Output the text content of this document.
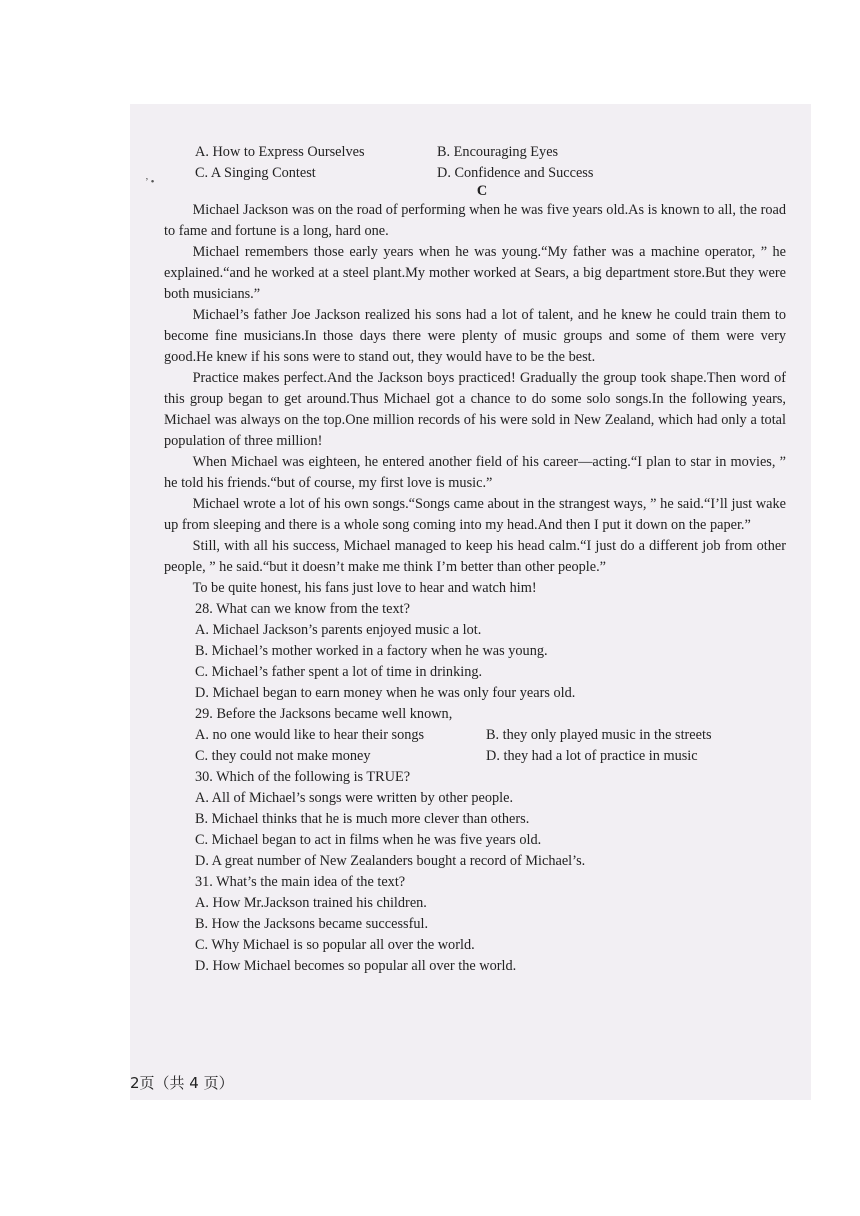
’ •
A. How to Express Ourselves	B. Encouraging Eyes
C. A Singing Contest	D. Confidence and Success
C

Michael Jackson was on the road of performing when he was five years old.As is known to all, the road to fame and fortune is a long, hard one.

Michael remembers those early years when he was young.“My father was a machine operator, ” he explained.“and he worked at a steel plant.My mother worked at Sears, a big department store.But they were both musicians.”

Michael’s father Joe Jackson realized his sons had a lot of talent, and he knew he could train them to become fine musicians.In those days there were plenty of music groups and some of them were very good.He knew if his sons were to stand out, they would have to be the best.

Practice makes perfect.And the Jackson boys practiced! Gradually the group took shape.Then word of this group began to get around.Thus Michael got a chance to do some solo songs.In the following years, Michael was always on the top.One million records of his were sold in New Zealand, which had only a total population of three million!

When Michael was eighteen, he entered another field of his career—acting.“I plan to star in movies, ” he told his friends.“but of course, my first love is music.”

Michael wrote a lot of his own songs.“Songs came about in the strangest ways, ” he said.“I’ll just wake up from sleeping and there is a whole song coming into my head.And then I put it down on the paper.”

Still, with all his success, Michael managed to keep his head calm.“I just do a different job from other people, ” he said.“but it doesn’t make me think I’m better than other people.”

To be quite honest, his fans just love to hear and watch him!

28. What can we know from the text?
A. Michael Jackson’s parents enjoyed music a lot.
B. Michael’s mother worked in a factory when he was young.
C. Michael’s father spent a lot of time in drinking.
D. Michael began to earn money when he was only four years old.
29. Before the Jacksons became well known,
A. no one would like to hear their songs	B. they only played music in the streets
C. they could not make money	D. they had a lot of practice in music
30. Which of the following is TRUE?
A. All of Michael’s songs were written by other people.
B. Michael thinks that he is much more clever than others.
C. Michael began to act in films when he was five years old.
D. A great number of New Zealanders bought a record of Michael’s.
31. What’s the main idea of the text?
A. How Mr.Jackson trained his children.
B. How the Jacksons became successful.
C. Why Michael is so popular all over the world.
D. How Michael becomes so popular all over the world.
2页（共 4 页）
